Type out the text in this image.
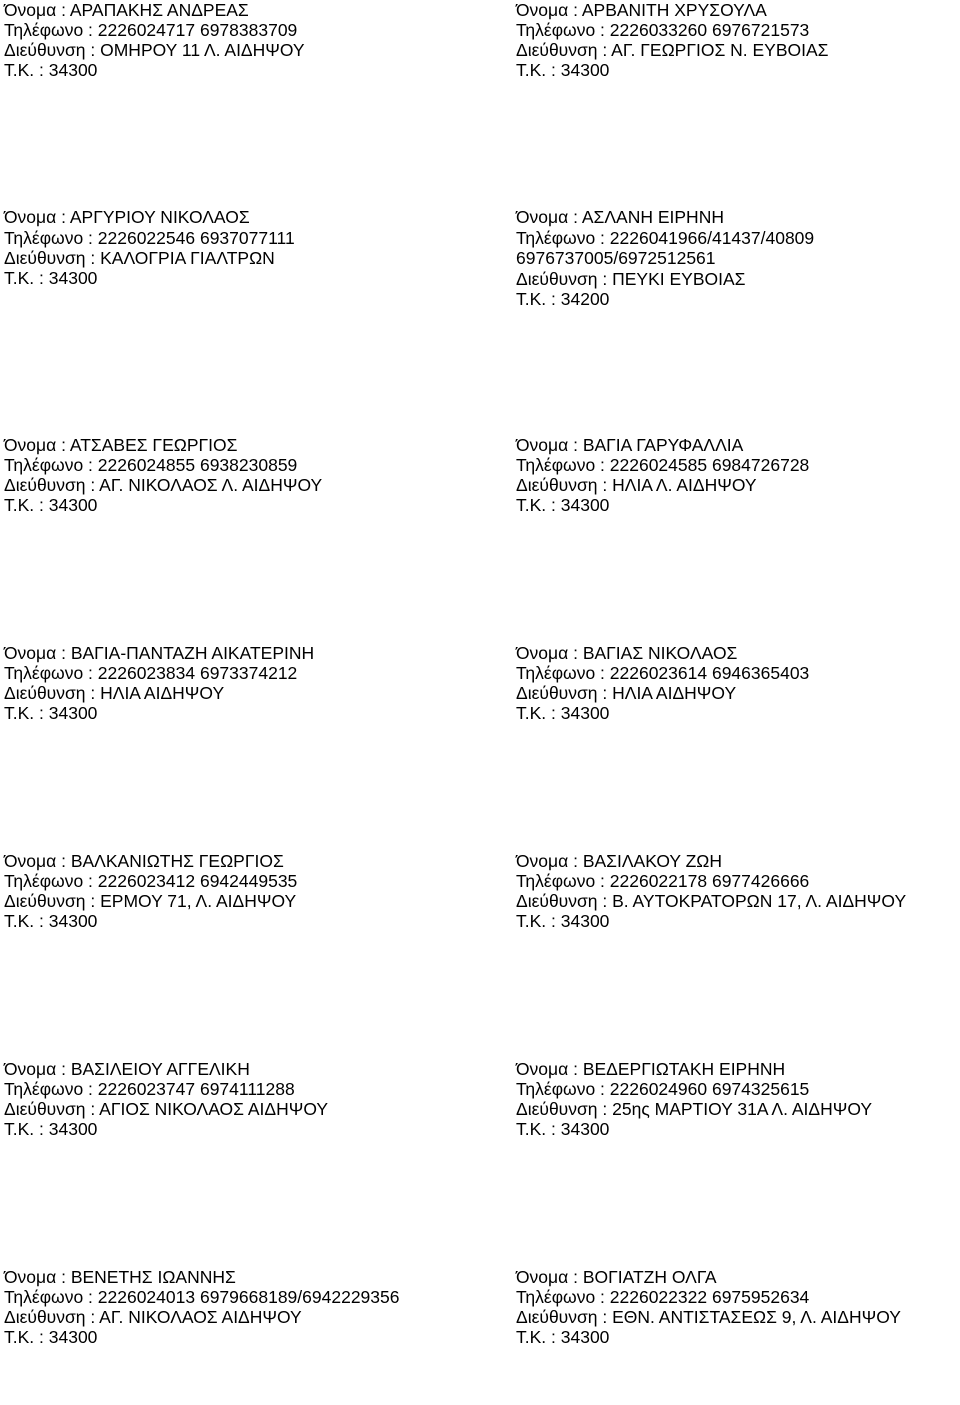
Όνομα : ΑΡΑΠΑΚΗΣ ΑΝΔΡΕΑΣ
Τηλέφωνο : 2226024717 6978383709
Διεύθυνση : ΟΜΗΡΟΥ 11 Λ. ΑΙΔΗΨΟΥ
Τ.Κ. : 34300
Όνομα : ΑΡΒΑΝΙΤΗ ΧΡΥΣΟΥΛΑ
Τηλέφωνο : 2226033260 6976721573
Διεύθυνση : ΑΓ. ΓΕΩΡΓΙΟΣ Ν. ΕΥΒΟΙΑΣ
Τ.Κ. : 34300
Όνομα : ΑΡΓΥΡΙΟΥ ΝΙΚΟΛΑΟΣ
Τηλέφωνο : 2226022546 6937077111
Διεύθυνση : ΚΑΛΟΓΡΙΑ ΓΙΑΛΤΡΩΝ
Τ.Κ. : 34300
Όνομα : ΑΣΛΑΝΗ ΕΙΡΗΝΗ
Τηλέφωνο : 2226041966/41437/40809
6976737005/6972512561
Διεύθυνση : ΠΕΥΚΙ ΕΥΒΟΙΑΣ
Τ.Κ. : 34200
Όνομα : ΑΤΣΑΒΕΣ ΓΕΩΡΓΙΟΣ
Τηλέφωνο : 2226024855 6938230859
Διεύθυνση : ΑΓ. ΝΙΚΟΛΑΟΣ Λ. ΑΙΔΗΨΟΥ
Τ.Κ. : 34300
Όνομα : ΒΑΓΙΑ ΓΑΡΥΦΑΛΛΙΑ
Τηλέφωνο : 2226024585 6984726728
Διεύθυνση : ΗΛΙΑ Λ. ΑΙΔΗΨΟΥ
Τ.Κ. : 34300
Όνομα : ΒΑΓΙΑ-ΠΑΝΤΑΖΗ ΑΙΚΑΤΕΡΙΝΗ
Τηλέφωνο : 2226023834 6973374212
Διεύθυνση : ΗΛΙΑ ΑΙΔΗΨΟΥ
Τ.Κ. : 34300
Όνομα : ΒΑΓΙΑΣ ΝΙΚΟΛΑΟΣ
Τηλέφωνο : 2226023614 6946365403
Διεύθυνση : ΗΛΙΑ ΑΙΔΗΨΟΥ
Τ.Κ. : 34300
Όνομα : ΒΑΛΚΑΝΙΩΤΗΣ ΓΕΩΡΓΙΟΣ
Τηλέφωνο : 2226023412 6942449535
Διεύθυνση : ΕΡΜΟΥ 71, Λ. ΑΙΔΗΨΟΥ
Τ.Κ. : 34300
Όνομα : ΒΑΣΙΛΑΚΟΥ ΖΩΗ
Τηλέφωνο : 2226022178 6977426666
Διεύθυνση : Β. ΑΥΤΟΚΡΑΤΟΡΩΝ 17, Λ. ΑΙΔΗΨΟΥ
Τ.Κ. : 34300
Όνομα : ΒΑΣΙΛΕΙΟΥ ΑΓΓΕΛΙΚΗ
Τηλέφωνο : 2226023747 6974111288
Διεύθυνση : ΑΓΙΟΣ ΝΙΚΟΛΑΟΣ ΑΙΔΗΨΟΥ
Τ.Κ. : 34300
Όνομα : ΒΕΔΕΡΓΙΩΤΑΚΗ ΕΙΡΗΝΗ
Τηλέφωνο : 2226024960 6974325615
Διεύθυνση : 25ης ΜΑΡΤΙΟΥ 31Α Λ. ΑΙΔΗΨΟΥ
Τ.Κ. : 34300
Όνομα : ΒΕΝΕΤΗΣ ΙΩΑΝΝΗΣ
Τηλέφωνο : 2226024013 6979668189/6942229356
Διεύθυνση : ΑΓ. ΝΙΚΟΛΑΟΣ ΑΙΔΗΨΟΥ
Τ.Κ. : 34300
Όνομα : ΒΟΓΙΑΤΖΗ ΟΛΓΑ
Τηλέφωνο : 2226022322 6975952634
Διεύθυνση : ΕΘΝ. ΑΝΤΙΣΤΑΣΕΩΣ 9, Λ. ΑΙΔΗΨΟΥ
Τ.Κ. : 34300
